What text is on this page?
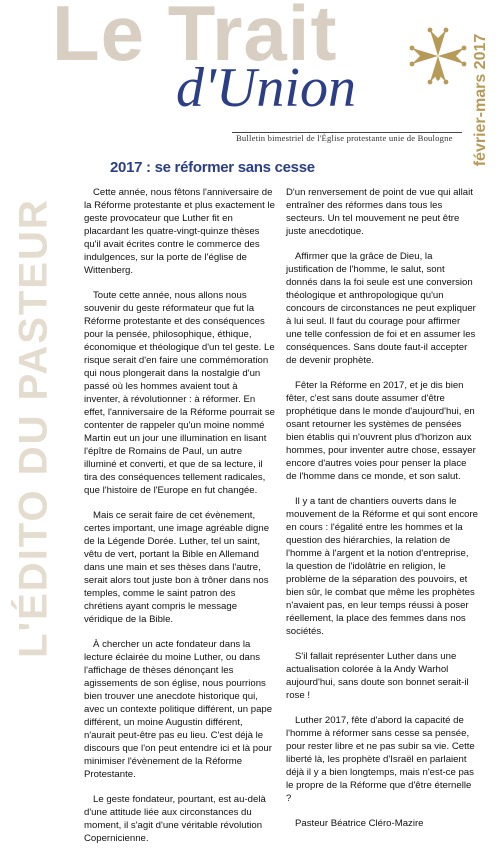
Le Trait
d'Union	février-mars 2017
Bulletin bimestriel de l'Église protestante unie de Boulogne
L'ÉDITO DU PASTEUR
2017 : se réformer sans cesse

Cette année, nous fêtons l'anniversaire de la Réforme protestante et plus exactement le geste provocateur que Luther fit en placardant les quatre-vingt-quinze thèses qu'il avait écrites contre le commerce des indulgences, sur la porte de l'église de Wittenberg.

Toute cette année, nous allons nous souvenir du geste réformateur que fut la Réforme protestante et des conséquences pour la pensée, philosophique, éthique, économique et théologique d'un tel geste. Le risque serait d'en faire une commémoration qui nous plongerait dans la nostalgie d'un passé où les hommes avaient tout à inventer, à révolutionner : à réformer. En effet, l'anniversaire de la Réforme pourrait se contenter de rappeler qu'un moine nommé Martin eut un jour une illumination en lisant l'épître de Romains de Paul, un autre illuminé et converti, et que de sa lecture, il tira des conséquences tellement radicales, que l'histoire de l'Europe en fut changée.

Mais ce serait faire de cet évènement, certes important, une image agréable digne de la Légende Dorée. Luther, tel un saint, vêtu de vert, portant la Bible en Allemand dans une main et ses thèses dans l'autre, serait alors tout juste bon à trôner dans nos temples, comme le saint patron des chrétiens ayant compris le message véridique de la Bible.

À chercher un acte fondateur dans la lecture éclairée du moine Luther, ou dans l'affichage de thèses dénonçant les agissements de son église, nous pourrions bien trouver une anecdote historique qui, avec un contexte politique différent, un pape différent, un moine Augustin différent, n'aurait peut-être pas eu lieu. C'est déjà le discours que l'on peut entendre ici et là pour minimiser l'évènement de la Réforme Protestante.

Le geste fondateur, pourtant, est au-delà d'une attitude liée aux circonstances du moment, il s'agit d'une véritable révolution Copernicienne.

D'un renversement de point de vue qui allait entraîner des réformes dans tous les secteurs. Un tel mouvement ne peut être juste anecdotique.

Affirmer que la grâce de Dieu, la justification de l'homme, le salut, sont donnés dans la foi seule est une conversion théologique et anthropologique qu'un concours de circonstances ne peut expliquer à lui seul. Il faut du courage pour affirmer une telle confession de foi et en assumer les conséquences. Sans doute faut-il accepter de devenir prophète.

Fêter la Réforme en 2017, et je dis bien fêter, c'est sans doute assumer d'être prophétique dans le monde d'aujourd'hui, en osant retourner les systèmes de pensées bien établis qui n'ouvrent plus d'horizon aux hommes, pour inventer autre chose, essayer encore d'autres voies pour penser la place de l'homme dans ce monde, et son salut.

Il y a tant de chantiers ouverts dans le mouvement de la Réforme et qui sont encore en cours : l'égalité entre les hommes et la question des hiérarchies, la relation de l'homme à l'argent et la notion d'entreprise, la question de l'idolâtrie en religion, le problème de la séparation des pouvoirs, et bien sûr, le combat que même les prophètes n'avaient pas, en leur temps réussi à poser réellement, la place des femmes dans nos sociétés.

S'il fallait représenter Luther dans une actualisation colorée à la Andy Warhol aujourd'hui, sans doute son bonnet serait-il rose !

Luther 2017, fête d'abord la capacité de l'homme à réformer sans cesse sa pensée, pour rester libre et ne pas subir sa vie. Cette liberté là, les prophète d'Israël en parlaient déjà il y a bien longtemps, mais n'est-ce pas le propre de la Réforme que d'être éternelle ?

Pasteur Béatrice Cléro-Mazire
